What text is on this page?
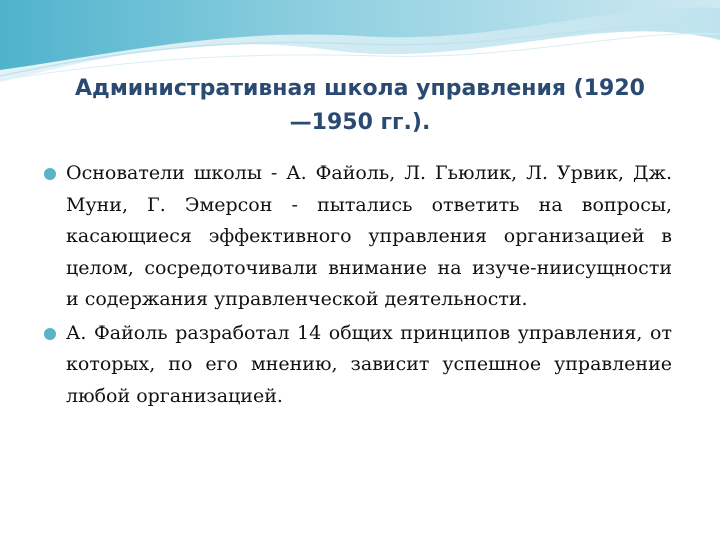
Административная школа управления (1920
—1950 гг.).
Основатели школы - А. Файоль, Л. Гьюлик, Л. Урвик, Дж. Муни, Г. Эмерсон - пытались ответить на вопросы, касающиеся эффективного управления организацией в целом, сосредоточивали внимание на изуче-ниисущности и содержания управленческой деятельности.
А. Файоль разработал 14 общих принципов управления, от которых, по его мнению, зависит успешное управление любой организацией.
